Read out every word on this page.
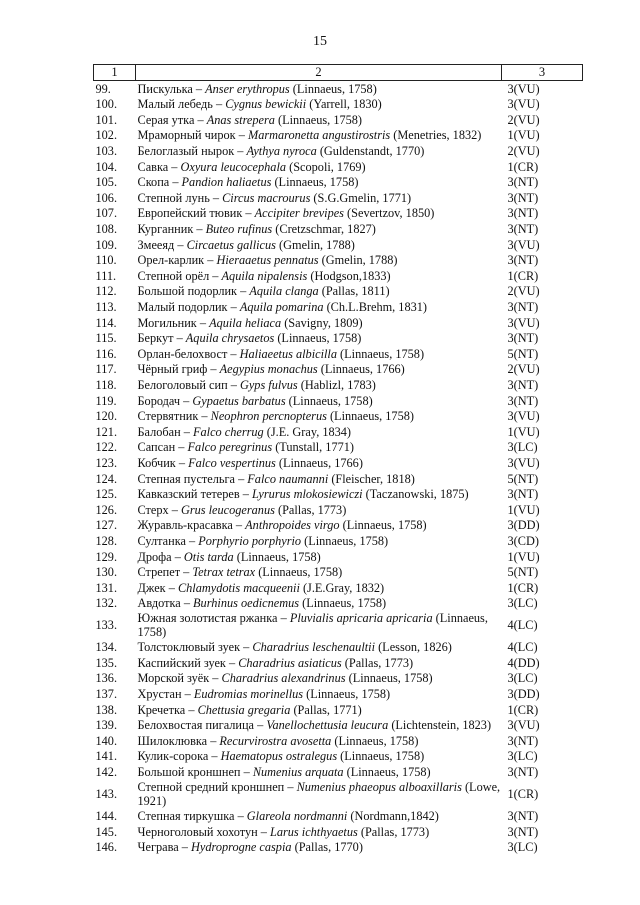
15
1	2	3
99.	Пискулька – Anser erythropus (Linnaeus, 1758)	3(VU)
100.	Малый лебедь – Cygnus bewickii (Yarrell, 1830)	3(VU)
101.	Серая утка – Anas strepera (Linnaeus, 1758)	2(VU)
102.	Мраморный чирок – Marmaronetta angustirostris (Menetries, 1832)	1(VU)
103.	Белоглазый нырок – Aythya nyroca (Guldenstandt, 1770)	2(VU)
104.	Савка – Oxyura leucocephala (Scopoli, 1769)	1(CR)
105.	Скопа – Pandion haliaetus (Linnaeus, 1758)	3(NT)
106.	Степной лунь – Circus macrourus (S.G.Gmelin, 1771)	3(NT)
107.	Европейский тювик – Accipiter brevipes (Severtzov, 1850)	3(NT)
108.	Курганник – Buteo rufinus (Cretzschmar, 1827)	3(NT)
109.	Змееяд – Circaetus gallicus (Gmelin, 1788)	3(VU)
110.	Орел-карлик – Hieraaetus pennatus (Gmelin, 1788)	3(NT)
111.	Степной орёл – Aquila nipalensis (Hodgson,1833)	1(CR)
112.	Большой подорлик – Aquila clanga (Pallas, 1811)	2(VU)
113.	Малый подорлик – Aquila pomarina (Ch.L.Brehm, 1831)	3(NT)
114.	Могильник – Aquila heliaca (Savigny, 1809)	3(VU)
115.	Беркут – Aquila chrysaetos (Linnaeus, 1758)	3(NT)
116.	Орлан-белохвост – Haliaeetus albicilla (Linnaeus, 1758)	5(NT)
117.	Чёрный гриф – Aegypius monachus (Linnaeus, 1766)	2(VU)
118.	Белоголовый сип – Gyps fulvus (Hablizl, 1783)	3(NT)
119.	Бородач – Gypaetus barbatus (Linnaeus, 1758)	3(NT)
120.	Стервятник – Neophron percnopterus (Linnaeus, 1758)	3(VU)
121.	Балобан – Falco cherrug (J.E. Gray, 1834)	1(VU)
122.	Сапсан – Falco peregrinus (Tunstall, 1771)	3(LC)
123.	Кобчик – Falco vespertinus (Linnaeus, 1766)	3(VU)
124.	Степная пустельга – Falco naumanni (Fleischer, 1818)	5(NT)
125.	Кавказский тетерев – Lyrurus mlokosiewiczi (Taczanowski, 1875)	3(NT)
126.	Стерх – Grus leucogeranus (Pallas, 1773)	1(VU)
127.	Журавль-красавка – Anthropoides virgo (Linnaeus, 1758)	3(DD)
128.	Султанка – Porphyrio porphyrio (Linnaeus, 1758)	3(CD)
129.	Дрофа – Otis tarda (Linnaeus, 1758)	1(VU)
130.	Стрепет – Tetrax tetrax (Linnaeus, 1758)	5(NT)
131.	Джек – Chlamydotis macqueenii (J.E.Gray, 1832)	1(CR)
132.	Авдотка – Burhinus oedicnemus (Linnaeus, 1758)	3(LC)
133.	Южная золотистая ржанка – Pluvialis apricaria apricaria (Linnaeus, 1758)	4(LC)
134.	Толстоклювый зуек – Charadrius leschenaultii (Lesson, 1826)	4(LC)
135.	Каспийский зуек – Charadrius asiaticus (Pallas, 1773)	4(DD)
136.	Морской зуёк – Charadrius alexandrinus (Linnaeus, 1758)	3(LC)
137.	Хрустан – Eudromias morinellus (Linnaeus, 1758)	3(DD)
138.	Кречетка – Chettusia gregaria (Pallas, 1771)	1(CR)
139.	Белохвостая пигалица – Vanellochettusia leucura (Lichtenstein, 1823)	3(VU)
140.	Шилоклювка – Recurvirostra avosetta (Linnaeus, 1758)	3(NT)
141.	Кулик-сорока – Haematopus ostralegus (Linnaeus, 1758)	3(LC)
142.	Большой кроншнеп – Numenius arquata (Linnaeus, 1758)	3(NT)
143.	Степной средний кроншнеп – Numenius phaeopus alboaxillaris (Lowe, 1921)	1(CR)
144.	Степная тиркушка – Glareola nordmanni (Nordmann,1842)	3(NT)
145.	Черноголовый хохотун – Larus ichthyaetus (Pallas, 1773)	3(NT)
146.	Чеграва – Hydroprogne caspia (Pallas, 1770)	3(LC)
